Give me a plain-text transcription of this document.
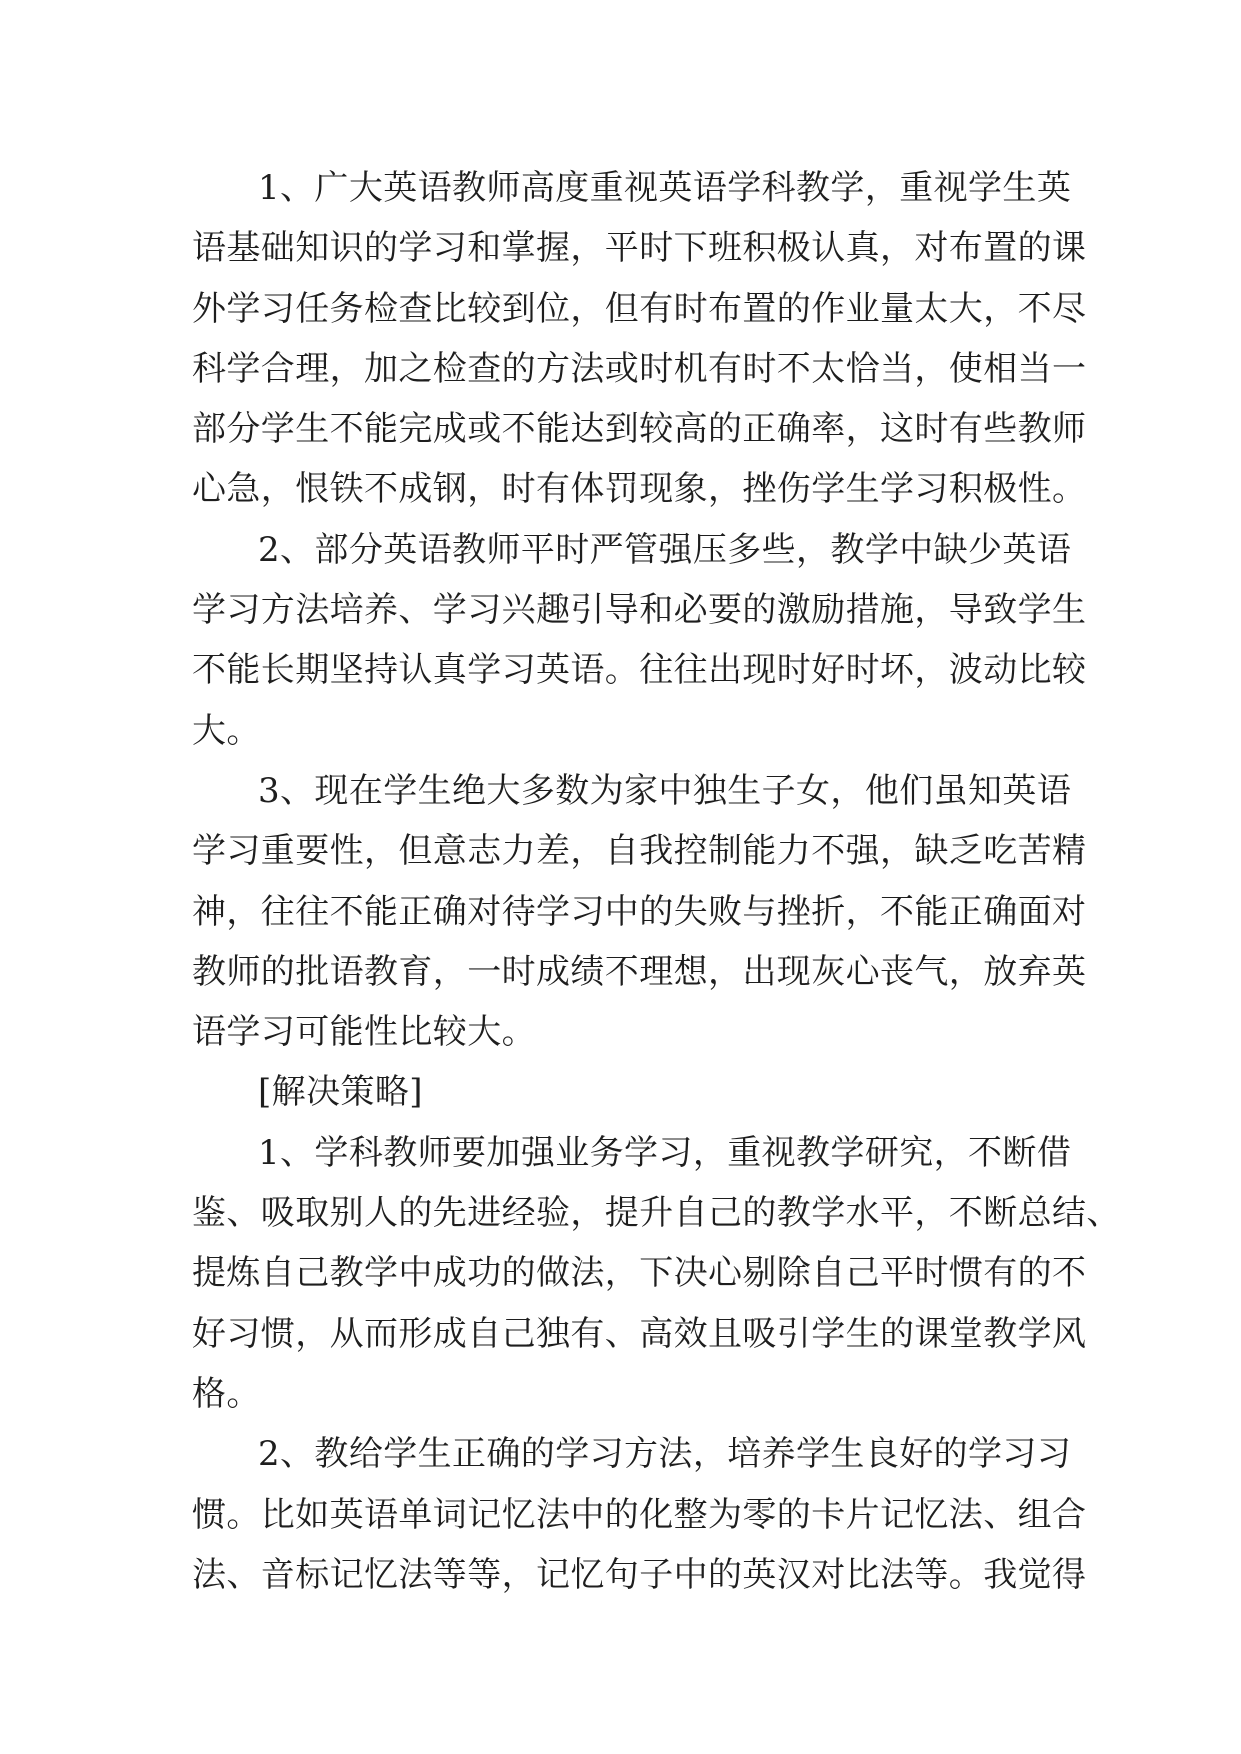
1、广大英语教师高度重视英语学科教学，重视学生英
语基础知识的学习和掌握，平时下班积极认真，对布置的课
外学习任务检查比较到位，但有时布置的作业量太大，不尽
科学合理，加之检查的方法或时机有时不太恰当，使相当一
部分学生不能完成或不能达到较高的正确率，这时有些教师
心急，恨铁不成钢，时有体罚现象，挫伤学生学习积极性。
2、部分英语教师平时严管强压多些，教学中缺少英语
学习方法培养、学习兴趣引导和必要的激励措施，导致学生
不能长期坚持认真学习英语。往往出现时好时坏，波动比较
大。
3、现在学生绝大多数为家中独生子女，他们虽知英语
学习重要性，但意志力差，自我控制能力不强，缺乏吃苦精
神，往往不能正确对待学习中的失败与挫折，不能正确面对
教师的批语教育，一时成绩不理想，出现灰心丧气，放弃英
语学习可能性比较大。
[解决策略]
1、学科教师要加强业务学习，重视教学研究，不断借
鉴、吸取别人的先进经验，提升自己的教学水平，不断总结、
提炼自己教学中成功的做法，下决心剔除自己平时惯有的不
好习惯，从而形成自己独有、高效且吸引学生的课堂教学风
格。
2、教给学生正确的学习方法，培养学生良好的学习习
惯。比如英语单词记忆法中的化整为零的卡片记忆法、组合
法、音标记忆法等等，记忆句子中的英汉对比法等。我觉得
